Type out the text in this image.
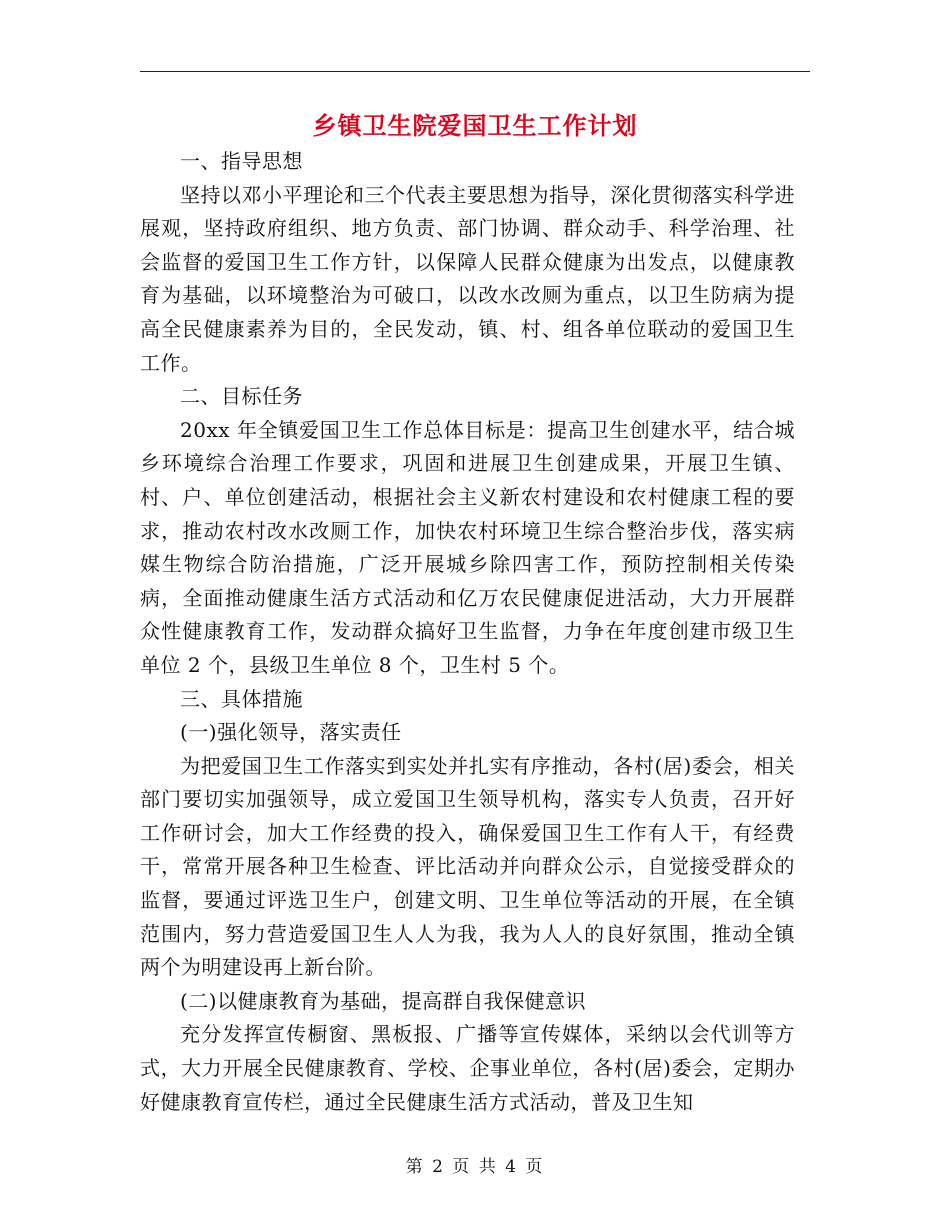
乡镇卫生院爱国卫生工作计划

一、指导思想

坚持以邓小平理论和三个代表主要思想为指导，深化贯彻落实科学进展观，坚持政府组织、地方负责、部门协调、群众动手、科学治理、社会监督的爱国卫生工作方针，以保障人民群众健康为出发点，以健康教育为基础，以环境整治为可破口，以改水改厕为重点，以卫生防病为提高全民健康素养为目的，全民发动，镇、村、组各单位联动的爱国卫生工作。

二、目标任务

20xx 年全镇爱国卫生工作总体目标是：提高卫生创建水平，结合城乡环境综合治理工作要求，巩固和进展卫生创建成果，开展卫生镇、村、户、单位创建活动，根据社会主义新农村建设和农村健康工程的要求，推动农村改水改厕工作，加快农村环境卫生综合整治步伐，落实病媒生物综合防治措施，广泛开展城乡除四害工作，预防控制相关传染病，全面推动健康生活方式活动和亿万农民健康促进活动，大力开展群众性健康教育工作，发动群众搞好卫生监督，力争在年度创建市级卫生单位 2 个，县级卫生单位 8 个，卫生村 5 个。

三、具体措施

(一)强化领导，落实责任

为把爱国卫生工作落实到实处并扎实有序推动，各村(居)委会，相关部门要切实加强领导，成立爱国卫生领导机构，落实专人负责，召开好工作研讨会，加大工作经费的投入，确保爱国卫生工作有人干，有经费干，常常开展各种卫生检查、评比活动并向群众公示，自觉接受群众的监督，要通过评选卫生户，创建文明、卫生单位等活动的开展，在全镇范围内，努力营造爱国卫生人人为我，我为人人的良好氛围，推动全镇两个为明建设再上新台阶。

(二)以健康教育为基础，提高群自我保健意识

充分发挥宣传橱窗、黑板报、广播等宣传媒体，采纳以会代训等方式，大力开展全民健康教育、学校、企事业单位，各村(居)委会，定期办好健康教育宣传栏，通过全民健康生活方式活动，普及卫生知

第 2 页 共 4 页
